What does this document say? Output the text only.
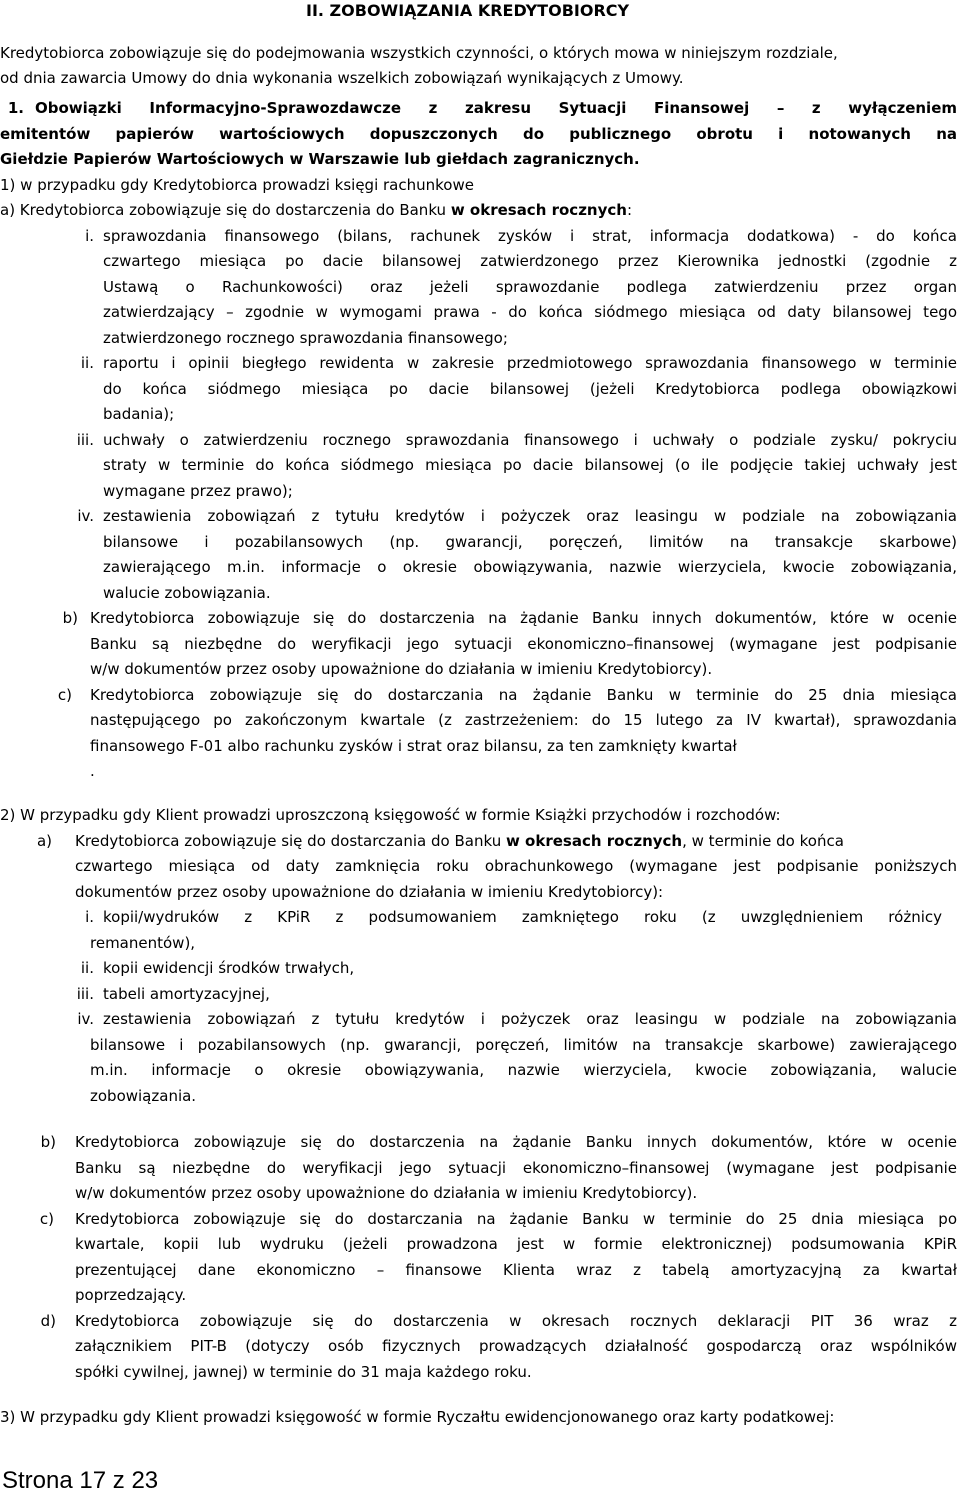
II. ZOBOWIĄZANIA KREDYTOBIORCY
Kredytobiorca zobowiązuje się do podejmowania wszystkich czynności, o których mowa w niniejszym rozdziale,
od dnia zawarcia Umowy do dnia wykonania wszelkich zobowiązań wynikających z Umowy.
1. Obowiązki Informacyjno-Sprawozdawcze z zakresu Sytuacji Finansowej – z wyłączeniem
emitentów papierów wartościowych dopuszczonych do publicznego obrotu i notowanych na
Giełdzie Papierów Wartościowych w Warszawie lub giełdach zagranicznych.
1) w przypadku gdy Kredytobiorca prowadzi księgi rachunkowe
a) Kredytobiorca zobowiązuje się do dostarczenia do Banku w okresach rocznych:
i. sprawozdania finansowego (bilans, rachunek zysków i strat, informacja dodatkowa) - do końca
czwartego miesiąca po dacie bilansowej zatwierdzonego przez Kierownika jednostki (zgodnie z
Ustawą o Rachunkowości) oraz jeżeli sprawozdanie podlega zatwierdzeniu przez organ
zatwierdzający – zgodnie w wymogami prawa - do końca siódmego miesiąca od daty bilansowej tego
zatwierdzonego rocznego sprawozdania finansowego;
ii. raportu i opinii biegłego rewidenta w zakresie przedmiotowego sprawozdania finansowego w terminie
do końca siódmego miesiąca po dacie bilansowej (jeżeli Kredytobiorca podlega obowiązkowi
badania);
iii. uchwały o zatwierdzeniu rocznego sprawozdania finansowego i uchwały o podziale zysku/ pokryciu
straty w terminie do końca siódmego miesiąca po dacie bilansowej (o ile podjęcie takiej uchwały jest
wymagane przez prawo);
iv. zestawienia zobowiązań z tytułu kredytów i pożyczek oraz leasingu w podziale na zobowiązania
bilansowe i pozabilansowych (np. gwarancji, poręczeń, limitów na transakcje skarbowe)
zawierającego m.in. informacje o okresie obowiązywania, nazwie wierzyciela, kwocie zobowiązania,
walucie zobowiązania.
b) Kredytobiorca zobowiązuje się do dostarczenia na żądanie Banku innych dokumentów, które w ocenie
Banku są niezbędne do weryfikacji jego sytuacji ekonomiczno–finansowej (wymagane jest podpisanie
w/w dokumentów przez osoby upoważnione do działania w imieniu Kredytobiorcy).
c) Kredytobiorca zobowiązuje się do dostarczania na żądanie Banku w terminie do 25 dnia miesiąca
następującego po zakończonym kwartale (z zastrzeżeniem: do 15 lutego za IV kwartał), sprawozdania
finansowego F-01 albo rachunku zysków i strat oraz bilansu, za ten zamknięty kwartał
.
2) W przypadku gdy Klient prowadzi uproszczoną księgowość w formie Książki przychodów i rozchodów:
a) Kredytobiorca zobowiązuje się do dostarczania do Banku w okresach rocznych, w terminie do końca
czwartego miesiąca od daty zamknięcia roku obrachunkowego (wymagane jest podpisanie poniższych
dokumentów przez osoby upoważnione do działania w imieniu Kredytobiorcy):
i. kopii/wydruków z KPiR z podsumowaniem zamkniętego roku (z uwzględnieniem różnicy
remanentów),
ii. kopii ewidencji środków trwałych,
iii. tabeli amortyzacyjnej,
iv. zestawienia zobowiązań z tytułu kredytów i pożyczek oraz leasingu w podziale na zobowiązania
bilansowe i pozabilansowych (np. gwarancji, poręczeń, limitów na transakcje skarbowe) zawierającego
m.in. informacje o okresie obowiązywania, nazwie wierzyciela, kwocie zobowiązania, walucie
zobowiązania.
b) Kredytobiorca zobowiązuje się do dostarczenia na żądanie Banku innych dokumentów, które w ocenie
Banku są niezbędne do weryfikacji jego sytuacji ekonomiczno–finansowej (wymagane jest podpisanie
w/w dokumentów przez osoby upoważnione do działania w imieniu Kredytobiorcy).
c) Kredytobiorca zobowiązuje się do dostarczania na żądanie Banku w terminie do 25 dnia miesiąca po
kwartale, kopii lub wydruku (jeżeli prowadzona jest w formie elektronicznej) podsumowania KPiR
prezentującej dane ekonomiczno – finansowe Klienta wraz z tabelą amortyzacyjną za kwartał
poprzedzający.
d) Kredytobiorca zobowiązuje się do dostarczenia w okresach rocznych deklaracji PIT 36 wraz z
załącznikiem PIT-B (dotyczy osób fizycznych prowadzących działalność gospodarczą oraz wspólników
spółki cywilnej, jawnej) w terminie do 31 maja każdego roku.
3) W przypadku gdy Klient prowadzi księgowość w formie Ryczałtu ewidencjonowanego oraz karty podatkowej:
Strona 17 z 23
